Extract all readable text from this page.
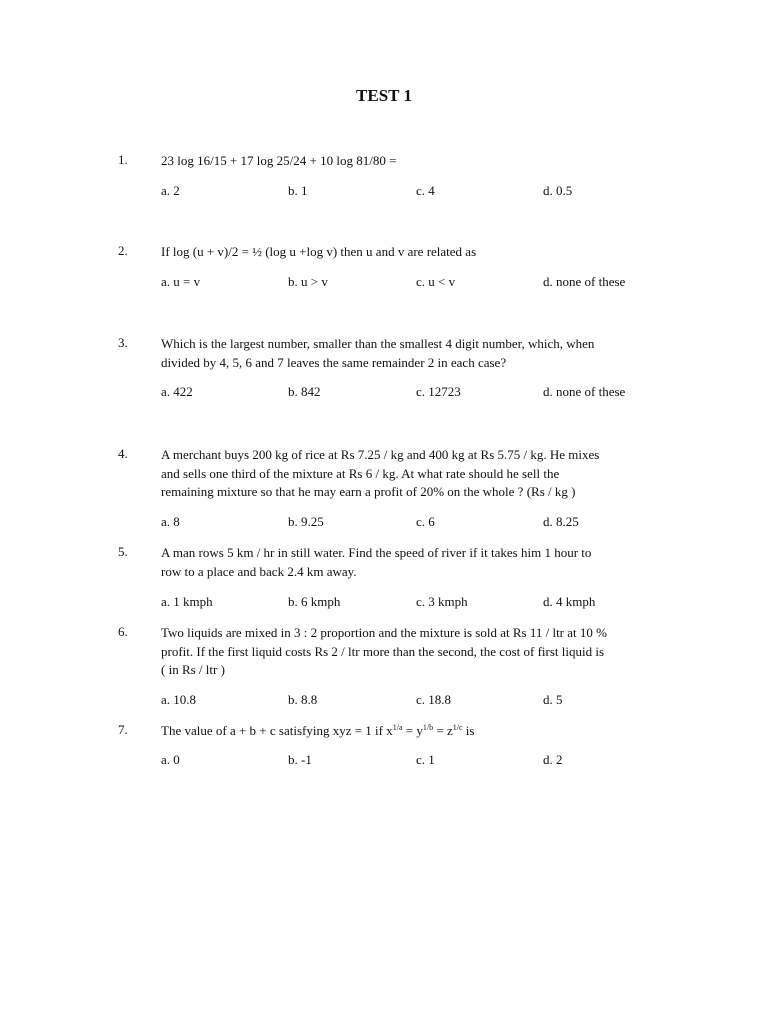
TEST 1
1.	23 log 16/15 + 17 log 25/24 + 10 log 81/80 =
a. 2	b. 1	c. 4	d. 0.5
2.	If log (u + v)/2 = ½ (log u +log v) then u and v are related as
a. u = v	b. u > v	c. u < v	d. none of these
3.	Which is the largest number, smaller than the smallest 4 digit number, which, when
divided by 4, 5, 6 and 7 leaves the same remainder 2 in each case?
a. 422	b. 842	c. 12723	d. none of these
4.	A merchant buys 200 kg of rice at Rs 7.25 / kg and 400 kg at Rs 5.75 / kg. He mixes
and sells one third of the mixture at Rs 6 / kg. At what rate should he sell the
remaining mixture so that he may earn a profit of 20% on the whole ? (Rs / kg )
a. 8	b. 9.25	c. 6	d. 8.25
5.	A man rows 5 km / hr in still water. Find the speed of river if it takes him 1 hour to
row to a place and back 2.4 km away.
a. 1 kmph	b. 6 kmph	c. 3 kmph	d. 4 kmph
6.	Two liquids are mixed in 3 : 2 proportion and the mixture is sold at Rs 11 / ltr at 10 %
profit. If the first liquid costs Rs 2 / ltr more than the second, the cost of first liquid is
( in Rs / ltr )
a. 10.8	b. 8.8	c. 18.8	d. 5
7.	The value of a + b + c satisfying xyz = 1 if $x^{1/a} = y^{1/b} = z^{1/c}$ is
a. 0	b. -1	c. 1	d. 2
